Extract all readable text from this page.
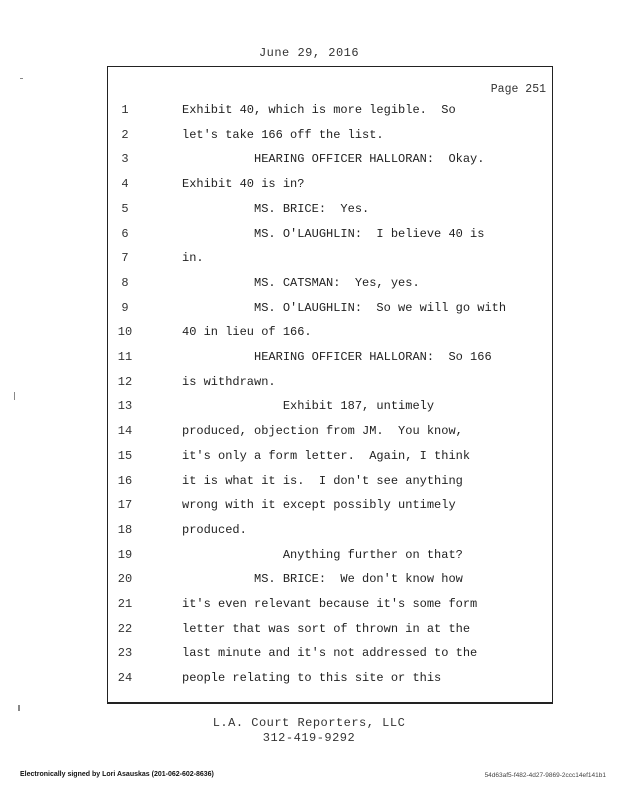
June 29, 2016
Page 251
1	Exhibit 40, which is more legible.  So
2	let's take 166 off the list.
3	HEARING OFFICER HALLORAN:  Okay.
4	Exhibit 40 is in?
5	MS. BRICE:  Yes.
6	MS. O'LAUGHLIN:  I believe 40 is
7	in.
8	MS. CATSMAN:  Yes, yes.
9	MS. O'LAUGHLIN:  So we will go with
10	40 in lieu of 166.
11	HEARING OFFICER HALLORAN:  So 166
12	is withdrawn.
13	Exhibit 187, untimely
14	produced, objection from JM.  You know,
15	it's only a form letter.  Again, I think
16	it is what it is.  I don't see anything
17	wrong with it except possibly untimely
18	produced.
19	Anything further on that?
20	MS. BRICE:  We don't know how
21	it's even relevant because it's some form
22	letter that was sort of thrown in at the
23	last minute and it's not addressed to the
24	people relating to this site or this
L.A. Court Reporters, LLC
312-419-9292
Electronically signed by Lori Asauskas (201-062-602-8636)	54d63af5-f482-4d27-9869-2ccc14ef141b1
